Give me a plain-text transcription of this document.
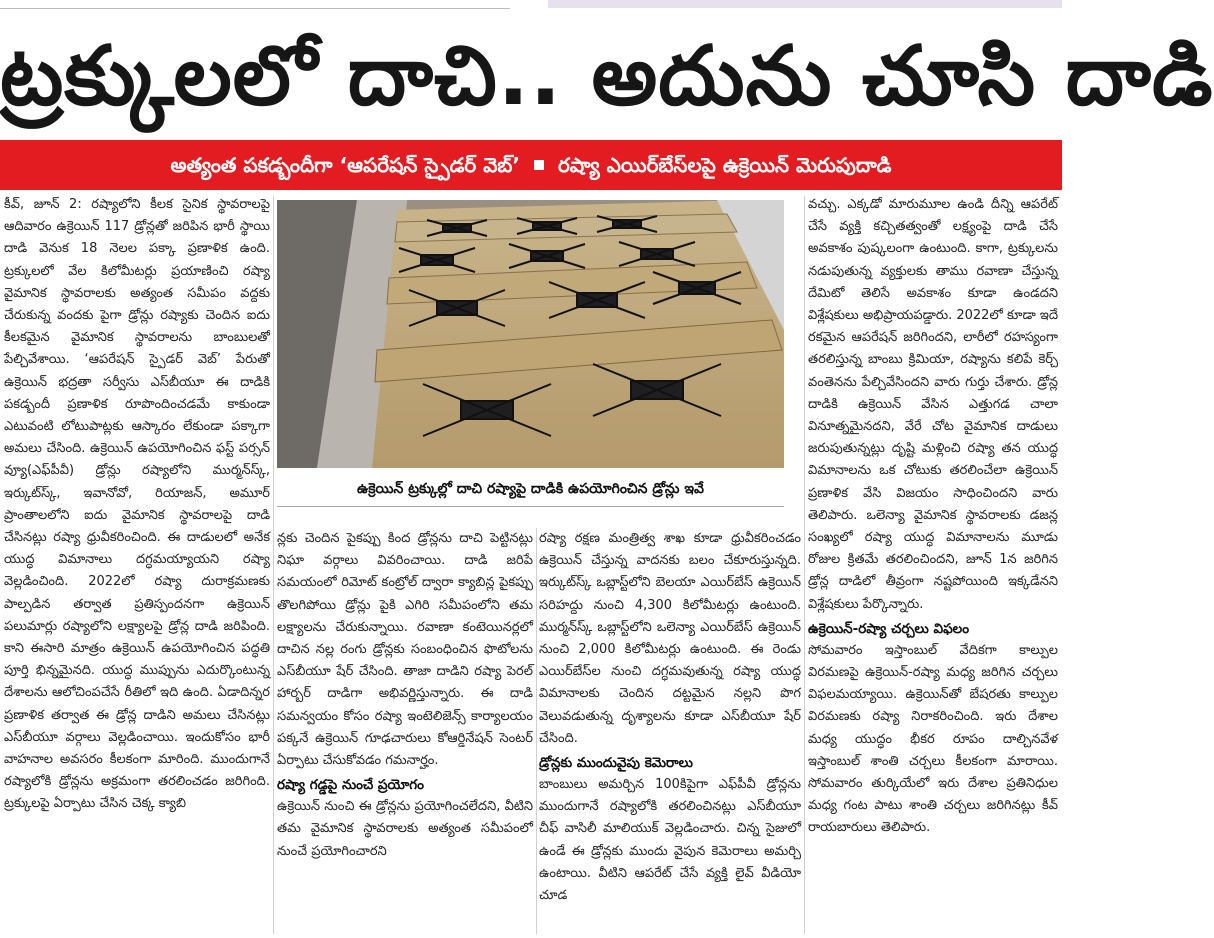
ట్రక్కులలో దాచి.. అదును చూసి దాడి
అత్యంత పకడ్బందీగా ‘ఆపరేషన్ స్పైడర్ వెబ్’ రష్యా ఎయిర్‌బేస్‌లపై ఉక్రెయిన్ మెరుపుదాడి

కీవ్, జూన్ 2: రష్యాలోని కీలక సైనిక స్థావరాలపై ఆదివారం ఉక్రెయిన్ 117 డ్రోన్లతో జరిపిన భారీ స్థాయి దాడి వెనుక 18 నెలల పక్కా ప్రణాళిక ఉంది. ట్రక్కులలో వేల కిలోమీటర్లు ప్రయాణించి రష్యా వైమానిక స్థావరాలకు అత్యంత సమీపం వద్దకు చేరుకున్న వందకు పైగా డ్రోన్లు రష్యాకు చెందిన ఐదు కీలకమైన వైమానిక స్థావరాలను బాంబులతో పేల్చివేశాయి. ‘ఆపరేషన్ స్పైడర్ వెబ్’ పేరుతో ఉక్రెయిన్ భద్రతా సర్వీసు ఎస్‌బీయూ ఈ దాడికి పకడ్బందీ ప్రణాళిక రూపొందించడమే కాకుండా ఎటువంటి లోటుపాట్లకు ఆస్కారం లేకుండా పక్కాగా అమలు చేసింది. ఉక్రెయిన్ ఉపయోగించిన ఫస్ట్ పర్సన్ వ్యూ(ఎఫ్‌పీవీ) డ్రోన్లు రష్యాలోని ముర్మన్‌స్క్, ఇర్కుట్‌స్క్, ఇవానోవో, రియాజన్, అమూర్ ప్రాంతాలలోని ఐదు వైమానిక స్థావరాలపై దాడి చేసినట్లు రష్యా ధ్రువీకరించింది. ఈ దాడులలో అనేక యుద్ధ విమానాలు దగ్ధమయ్యాయని రష్యా వెల్లడించింది. 2022లో రష్యా దురాక్రమణకు పాల్పడిన తర్వాత ప్రతిస్పందనగా ఉక్రెయిన్ పలుమార్లు రష్యాలోని లక్ష్యాలపై డ్రోన్ల దాడి జరిపింది. కాని ఈసారి మాత్రం ఉక్రెయిన్ ఉపయోగించిన పద్ధతి పూర్తి భిన్నమైనది. యుద్ధ ముప్పును ఎదుర్కొంటున్న దేశాలను ఆలోచింపచేసే రీతిలో ఇది ఉంది. ఏడాదిన్నర ప్రణాళిక తర్వాత ఈ డ్రోన్ల దాడిని అమలు చేసినట్లు ఎస్‌బీయూ వర్గాలు వెల్లడించాయి. ఇందుకోసం భారీ వాహనాల అవసరం కీలకంగా మారింది. ముందుగానే రష్యాలోకి డ్రోన్లను అక్రమంగా తరలించడం జరిగింది. ట్రక్కులపై ఏర్పాటు చేసిన చెక్క క్యాబి

ఉక్రెయిన్ ట్రక్కుల్లో దాచి రష్యాపై దాడికి ఉపయోగించిన డ్రోన్లు ఇవే

న్లకు చెందిన పైకప్పు కింద డ్రోన్లను దాచి పెట్టినట్లు నిఘా వర్గాలు వివరించాయి. దాడి జరిపే సమయంలో రిమోట్ కంట్రోల్ ద్వారా క్యాబిన్ల పైకప్పు తొలగిపోయి డ్రోన్లు పైకి ఎగిరి సమీపంలోని తమ లక్ష్యాలను చేరుకున్నాయి. రవాణా కంటెయినర్లలో దాచిన నల్ల రంగు డ్రోన్లకు సంబంధించిన ఫొటోలను ఎస్‌బీయూ షేర్ చేసింది. తాజా దాడిని రష్యా పెరల్ హార్బర్ దాడిగా అభివర్ణిస్తున్నారు. ఈ దాడి సమన్వయం కోసం రష్యా ఇంటెలిజెన్స్ కార్యాలయం పక్కనే ఉక్రెయిన్ గూఢచారులు కోఆర్డినేషన్ సెంటర్ ఏర్పాటు చేసుకోవడం గమనార్హం.

రష్యా గడ్డపై నుంచే ప్రయోగం

ఉక్రెయిన్ నుంచి ఈ డ్రోన్లను ప్రయోగించలేదని, వీటిని తమ వైమానిక స్థావరాలకు అత్యంత సమీపంలో నుంచే ప్రయోగించారని

రష్యా రక్షణ మంత్రిత్వ శాఖ కూడా ధ్రువీకరించడం ఉక్రెయిన్ చేస్తున్న వాదనకు బలం చేకూరుస్తున్నది. ఇర్కుట్‌స్క్ ఒబ్లాస్ట్‌లోని బెలయా ఎయిర్‌బేస్ ఉక్రెయిన్ సరిహద్దు నుంచి 4,300 కిలోమీటర్లు ఉంటుంది. ముర్మన్‌స్క్ ఒబ్లాస్ట్‌లోని ఒలెన్యా ఎయిర్‌బేస్ ఉక్రెయిన్ నుంచి 2,000 కిలోమీటర్లు ఉంటుంది. ఈ రెండు ఎయిర్‌బేస్‌ల నుంచి దగ్ధమవుతున్న రష్యా యుద్ధ విమానాలకు చెందిన దట్టమైన నల్లని పొగ వెలువడుతున్న దృశ్యాలను కూడా ఎస్‌బీయూ షేర్ చేసింది.

డ్రోన్లకు ముందువైపు కెమెరాలు

బాంబులు అమర్చిన 100కిపైగా ఎఫ్‌పీవీ డ్రోన్లను ముందుగానే రష్యాలోకి తరలించినట్లు ఎస్‌బీయూ చీఫ్ వాసిలీ మాలియుక్ వెల్లడించారు. చిన్న సైజులో ఉండే ఈ డ్రోన్లకు ముందు వైపున కెమెరాలు అమర్చి ఉంటాయి. వీటిని ఆపరేట్ చేసే వ్యక్తి లైవ్ వీడియో చూడ

వచ్చు. ఎక్కడో మారుమూల ఉండి దీన్ని ఆపరేట్ చేసే వ్యక్తి కచ్చితత్వంతో లక్ష్యంపై దాడి చేసే అవకాశం పుష్కలంగా ఉంటుంది. కాగా, ట్రక్కులను నడుపుతున్న వ్యక్తులకు తాము రవాణా చేస్తున్న దేమిటో తెలిసే అవకాశం కూడా ఉండదని విశ్లేషకులు అభిప్రాయపడ్డారు. 2022లో కూడా ఇదే రకమైన ఆపరేషన్ జరిగిందని, లారీలో రహస్యంగా తరలిస్తున్న బాంబు క్రిమియా, రష్యాను కలిపే కెర్చ్ వంతెనను పేల్చివేసిందని వారు గుర్తు చేశారు. డ్రోన్ల దాడికి ఉక్రెయిన్ వేసిన ఎత్తుగడ చాలా వినూత్నమైనదని, వేరే చోట వైమానిక దాడులు జరుపుతున్నట్లు దృష్టి మళ్లించి రష్యా తన యుద్ధ విమానాలను ఒక చోటుకు తరలించేలా ఉక్రెయిన్ ప్రణాళిక వేసి విజయం సాధించిందని వారు తెలిపారు. ఒలెన్యా వైమానిక స్థావరాలకు డజన్ల సంఖ్యలో రష్యా యుద్ధ విమానాలను మూడు రోజుల క్రితమే తరలించిందని, జూన్ 1న జరిగిన డ్రోన్ల దాడిలో తీవ్రంగా నష్టపోయింది ఇక్కడేనని విశ్లేషకులు పేర్కొన్నారు.

ఉక్రెయిన్-రష్యా చర్చలు విఫలం

సోమవారం ఇస్తాంబుల్ వేదికగా కాల్పుల విరమణపై ఉక్రెయిన్-రష్యా మధ్య జరిగిన చర్చలు విఫలమయ్యాయి. ఉక్రెయిన్‌తో బేషరతు కాల్పుల విరమణకు రష్యా నిరాకరించింది. ఇరు దేశాల మధ్య యుద్ధం భీకర రూపం దాల్చినవేళ ఇస్తాంబుల్ శాంతి చర్చలు కీలకంగా మారాయి. సోమవారం తుర్కియేలో ఇరు దేశాల ప్రతినిధుల మధ్య గంట పాటు శాంతి చర్చలు జరిగినట్లు కీవ్ రాయబారులు తెలిపారు.
